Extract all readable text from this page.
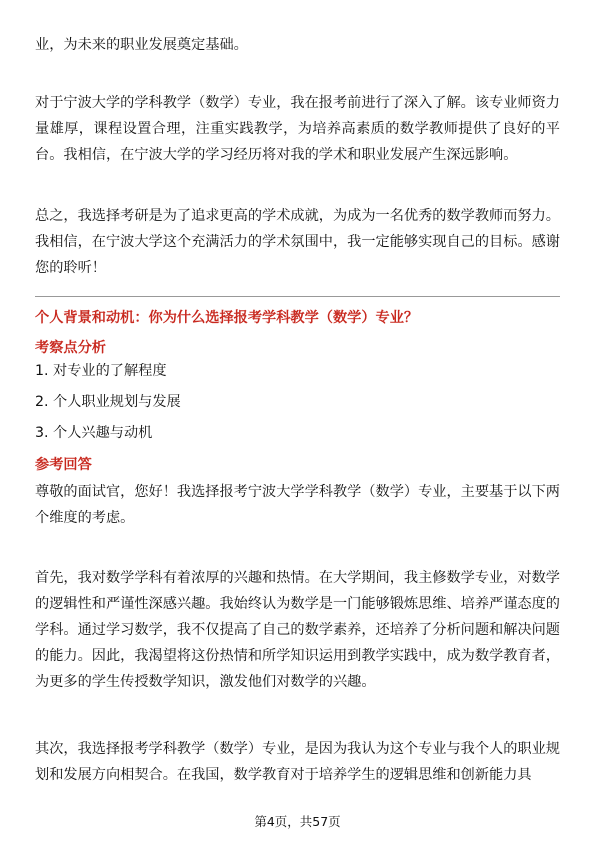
业，为未来的职业发展奠定基础。

对于宁波大学的学科教学（数学）专业，我在报考前进行了深入了解。该专业师资力量雄厚，课程设置合理，注重实践教学，为培养高素质的数学教师提供了良好的平台。我相信，在宁波大学的学习经历将对我的学术和职业发展产生深远影响。

总之，我选择考研是为了追求更高的学术成就，为成为一名优秀的数学教师而努力。我相信，在宁波大学这个充满活力的学术氛围中，我一定能够实现自己的目标。感谢您的聆听！

个人背景和动机：你为什么选择报考学科教学（数学）专业？

考察点分析

1. 对专业的了解程度
2. 个人职业规划与发展
3. 个人兴趣与动机

参考回答

尊敬的面试官，您好！我选择报考宁波大学学科教学（数学）专业，主要基于以下两个维度的考虑。

首先，我对数学学科有着浓厚的兴趣和热情。在大学期间，我主修数学专业，对数学的逻辑性和严谨性深感兴趣。我始终认为数学是一门能够锻炼思维、培养严谨态度的学科。通过学习数学，我不仅提高了自己的数学素养，还培养了分析问题和解决问题的能力。因此，我渴望将这份热情和所学知识运用到教学实践中，成为数学教育者，为更多的学生传授数学知识，激发他们对数学的兴趣。

其次，我选择报考学科教学（数学）专业，是因为我认为这个专业与我个人的职业规划和发展方向相契合。在我国，数学教育对于培养学生的逻辑思维和创新能力具

第4页，共57页
